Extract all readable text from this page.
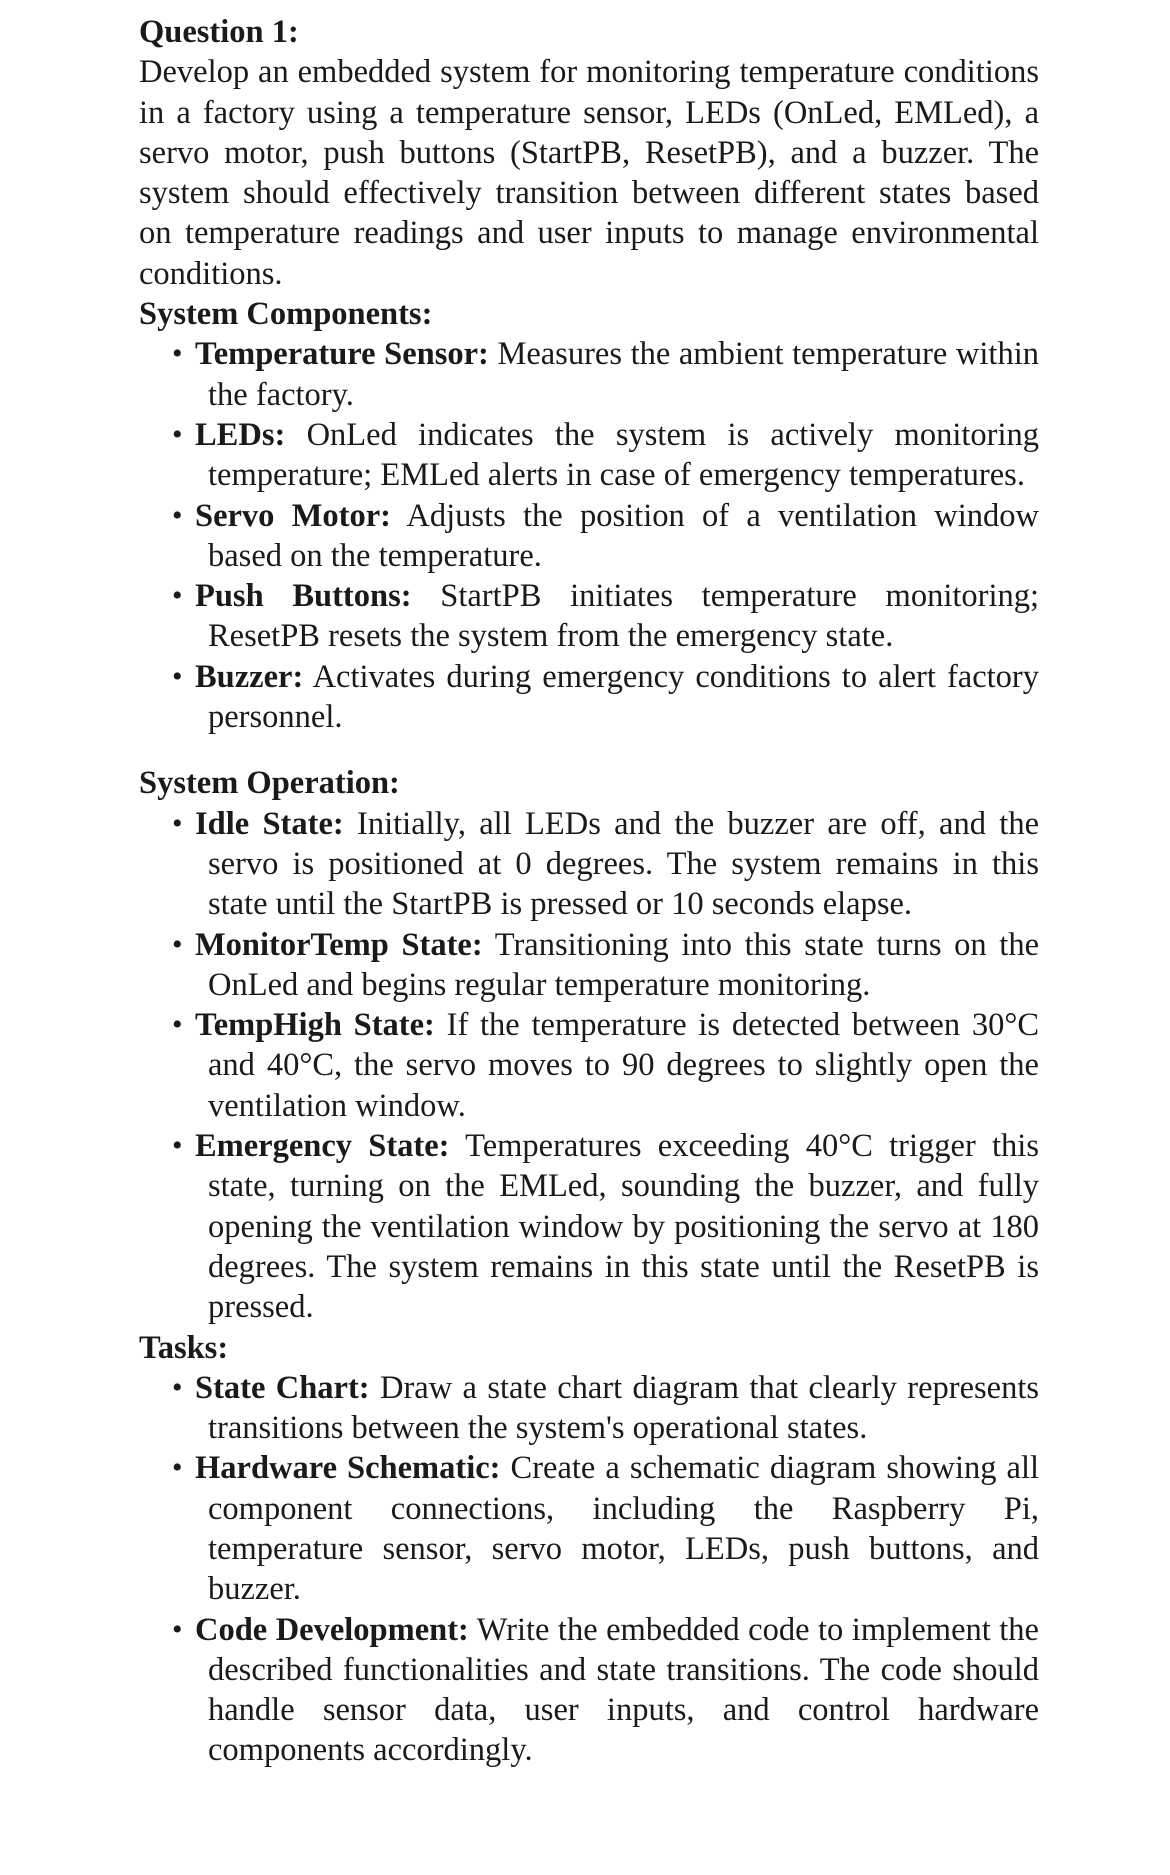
Question 1:

Develop an embedded system for monitoring temperature conditions in a factory using a temperature sensor, LEDs (OnLed, EMLed), a servo motor, push buttons (StartPB, ResetPB), and a buzzer. The system should effectively transition between different states based on temperature readings and user inputs to manage environmental conditions.

System Components:
• Temperature Sensor: Measures the ambient temperature within the factory.
• LEDs: OnLed indicates the system is actively monitoring temperature; EMLed alerts in case of emergency temperatures.
• Servo Motor: Adjusts the position of a ventilation window based on the temperature.
• Push Buttons: StartPB initiates temperature monitoring; ResetPB resets the system from the emergency state.
• Buzzer: Activates during emergency conditions to alert factory personnel.
System Operation:
• Idle State: Initially, all LEDs and the buzzer are off, and the servo is positioned at 0 degrees. The system remains in this state until the StartPB is pressed or 10 seconds elapse.
• MonitorTemp State: Transitioning into this state turns on the OnLed and begins regular temperature monitoring.
• TempHigh State: If the temperature is detected between 30°C and 40°C, the servo moves to 90 degrees to slightly open the ventilation window.
• Emergency State: Temperatures exceeding 40°C trigger this state, turning on the EMLed, sounding the buzzer, and fully opening the ventilation window by positioning the servo at 180 degrees. The system remains in this state until the ResetPB is pressed.
Tasks:
• State Chart: Draw a state chart diagram that clearly represents transitions between the system's operational states.
• Hardware Schematic: Create a schematic diagram showing all component connections, including the Raspberry Pi, temperature sensor, servo motor, LEDs, push buttons, and buzzer.
• Code Development: Write the embedded code to implement the described functionalities and state transitions. The code should handle sensor data, user inputs, and control hardware components accordingly.
